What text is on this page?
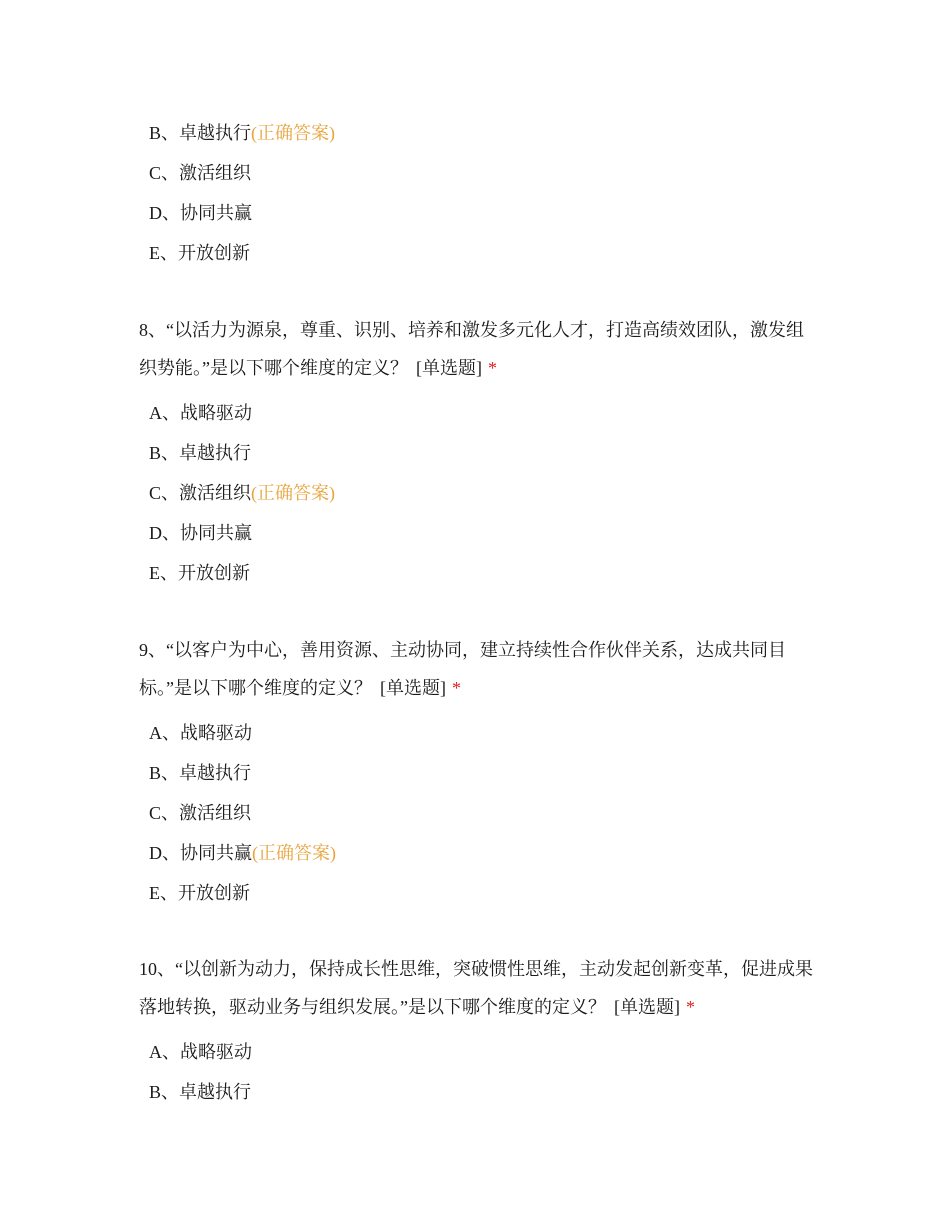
B、卓越执行(正确答案)
C、激活组织
D、协同共赢
E、开放创新
8、“以活力为源泉，尊重、识别、培养和激发多元化人才，打造高绩效团队，激发组织势能。”是以下哪个维度的定义？ [单选题] *
A、战略驱动
B、卓越执行
C、激活组织(正确答案)
D、协同共赢
E、开放创新
9、“以客户为中心，善用资源、主动协同，建立持续性合作伙伴关系，达成共同目标。”是以下哪个维度的定义？ [单选题] *
A、战略驱动
B、卓越执行
C、激活组织
D、协同共赢(正确答案)
E、开放创新
10、“以创新为动力，保持成长性思维，突破惯性思维，主动发起创新变革，促进成果落地转换，驱动业务与组织发展。”是以下哪个维度的定义？ [单选题] *
A、战略驱动
B、卓越执行
